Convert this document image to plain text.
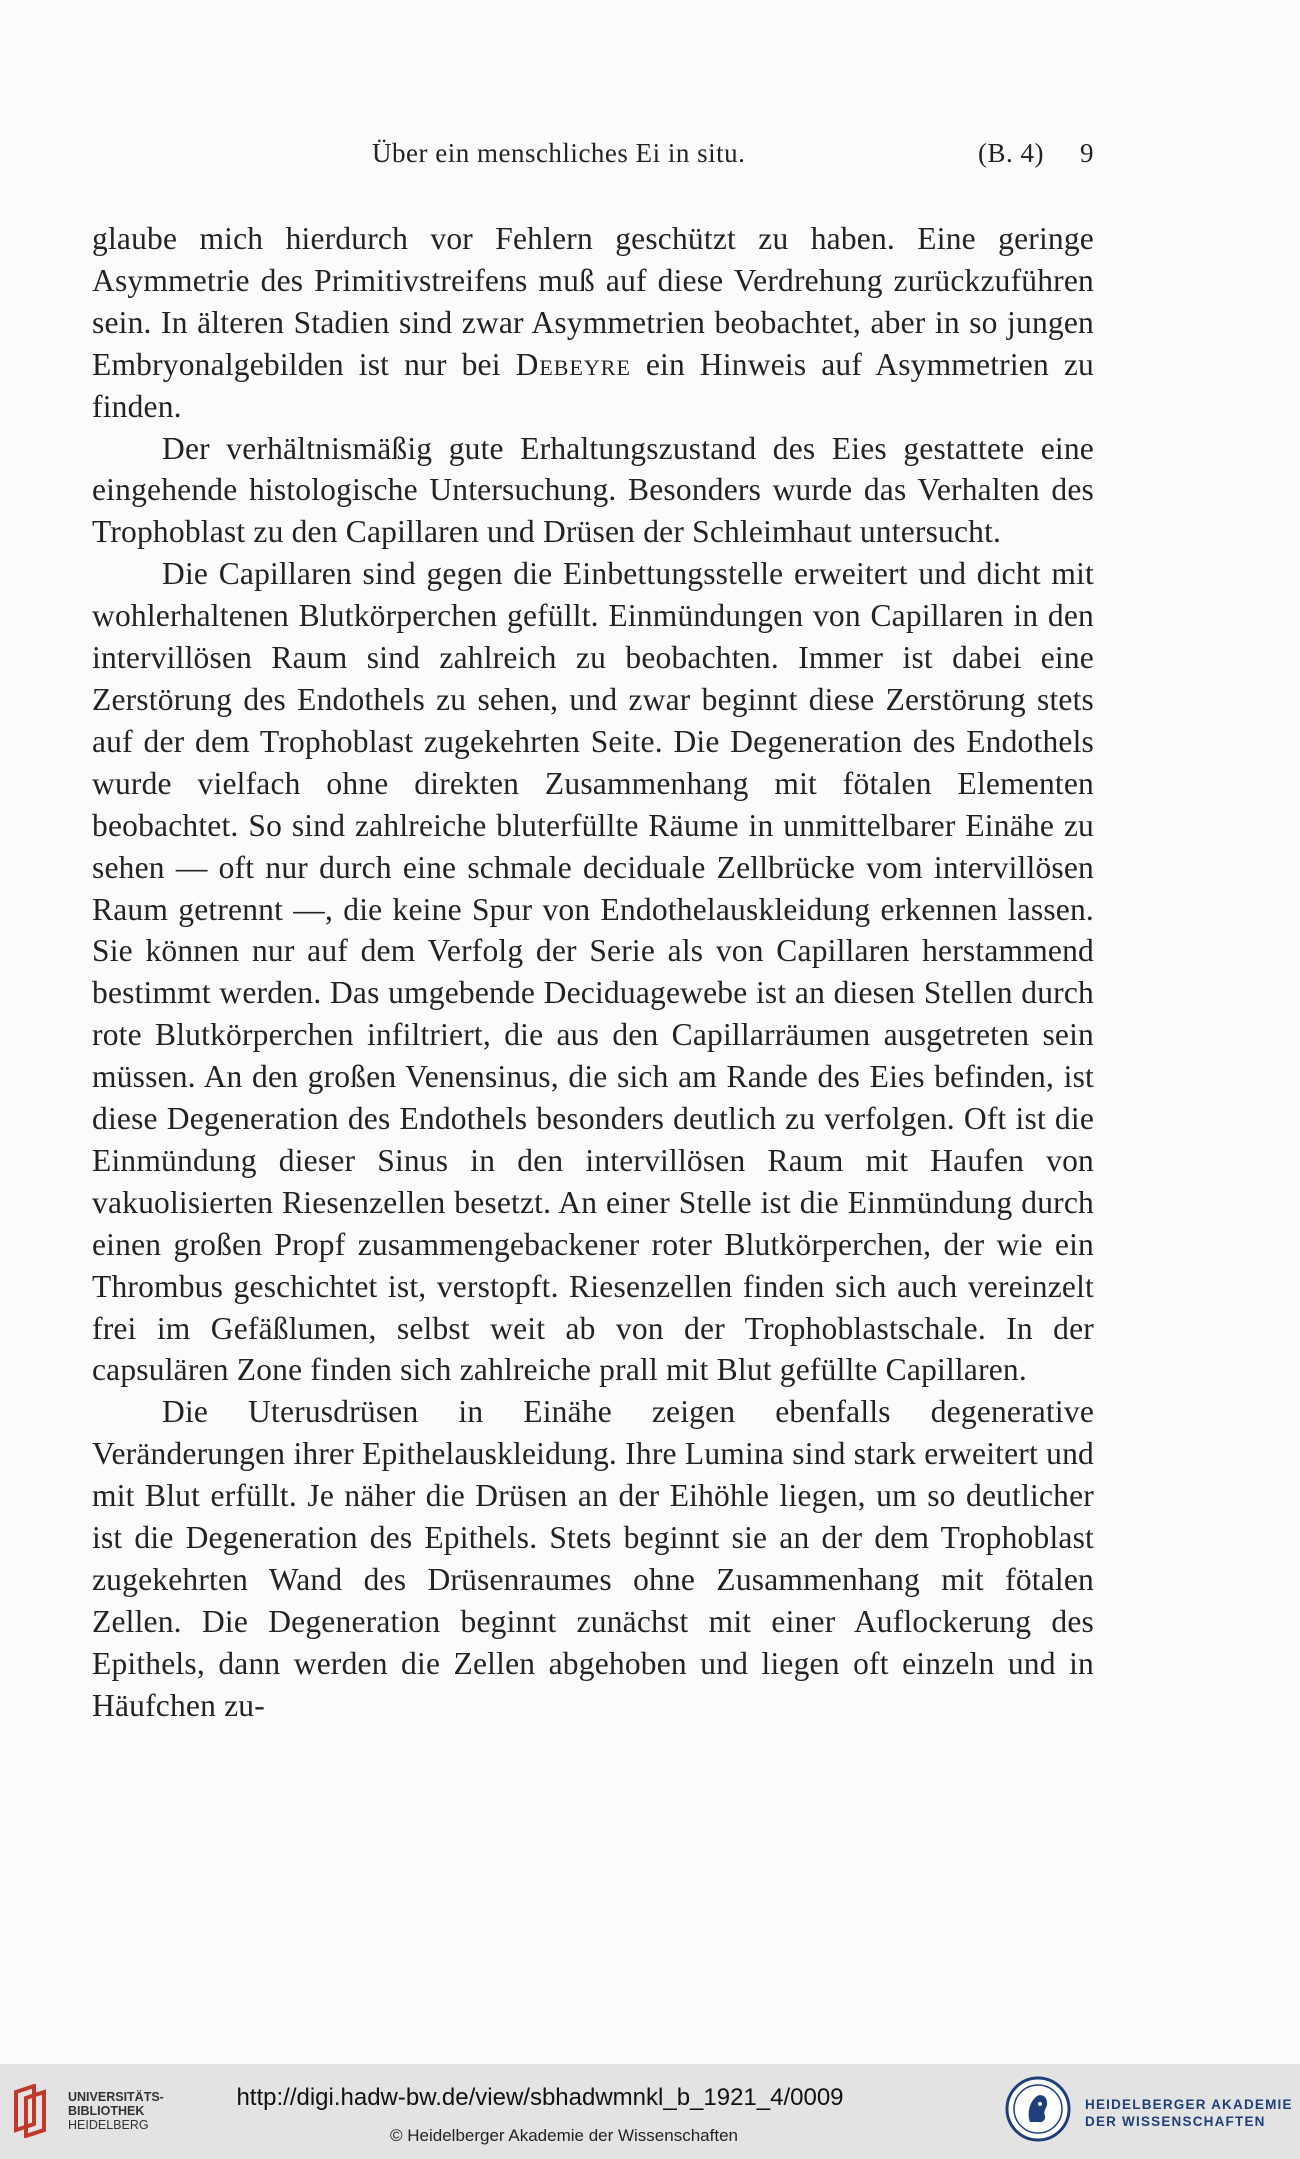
Über ein menschliches Ei in situ.	(B. 4) 9

glaube mich hierdurch vor Fehlern geschützt zu haben. Eine geringe Asymmetrie des Primitivstreifens muß auf diese Verdrehung zurückzuführen sein. In älteren Stadien sind zwar Asymmetrien beobachtet, aber in so jungen Embryonalgebilden ist nur bei Debeyre ein Hinweis auf Asymmetrien zu finden.

Der verhältnismäßig gute Erhaltungszustand des Eies gestattete eine eingehende histologische Untersuchung. Besonders wurde das Verhalten des Trophoblast zu den Capillaren und Drüsen der Schleimhaut untersucht.

Die Capillaren sind gegen die Einbettungsstelle erweitert und dicht mit wohlerhaltenen Blutkörperchen gefüllt. Einmündungen von Capillaren in den intervillösen Raum sind zahlreich zu beobachten. Immer ist dabei eine Zerstörung des Endothels zu sehen, und zwar beginnt diese Zerstörung stets auf der dem Trophoblast zugekehrten Seite. Die Degeneration des Endothels wurde vielfach ohne direkten Zusammenhang mit fötalen Elementen beobachtet. So sind zahlreiche bluterfüllte Räume in unmittelbarer Einähe zu sehen — oft nur durch eine schmale deciduale Zellbrücke vom intervillösen Raum getrennt —, die keine Spur von Endothelauskleidung erkennen lassen. Sie können nur auf dem Verfolg der Serie als von Capillaren herstammend bestimmt werden. Das umgebende Deciduagewebe ist an diesen Stellen durch rote Blutkörperchen infiltriert, die aus den Capillarräumen ausgetreten sein müssen. An den großen Venensinus, die sich am Rande des Eies befinden, ist diese Degeneration des Endothels besonders deutlich zu verfolgen. Oft ist die Einmündung dieser Sinus in den intervillösen Raum mit Haufen von vakuolisierten Riesenzellen besetzt. An einer Stelle ist die Einmündung durch einen großen Propf zusammengebackener roter Blutkörperchen, der wie ein Thrombus geschichtet ist, verstopft. Riesenzellen finden sich auch vereinzelt frei im Gefäßlumen, selbst weit ab von der Trophoblastschale. In der capsulären Zone finden sich zahlreiche prall mit Blut gefüllte Capillaren.

Die Uterusdrüsen in Einähe zeigen ebenfalls degenerative Veränderungen ihrer Epithelauskleidung. Ihre Lumina sind stark erweitert und mit Blut erfüllt. Je näher die Drüsen an der Eihöhle liegen, um so deutlicher ist die Degeneration des Epithels. Stets beginnt sie an der dem Trophoblast zugekehrten Wand des Drüsenraumes ohne Zusammenhang mit fötalen Zellen. Die Degeneration beginnt zunächst mit einer Auflockerung des Epithels, dann werden die Zellen abgehoben und liegen oft einzeln und in Häufchen zu-

UNIVERSITÄTS-
BIBLIOTHEK
HEIDELBERG
http://digi.hadw-bw.de/view/sbhadwmnkl_b_1921_4/0009
© Heidelberger Akademie der Wissenschaften
HEIDELBERGER AKADEMIE
DER WISSENSCHAFTEN
